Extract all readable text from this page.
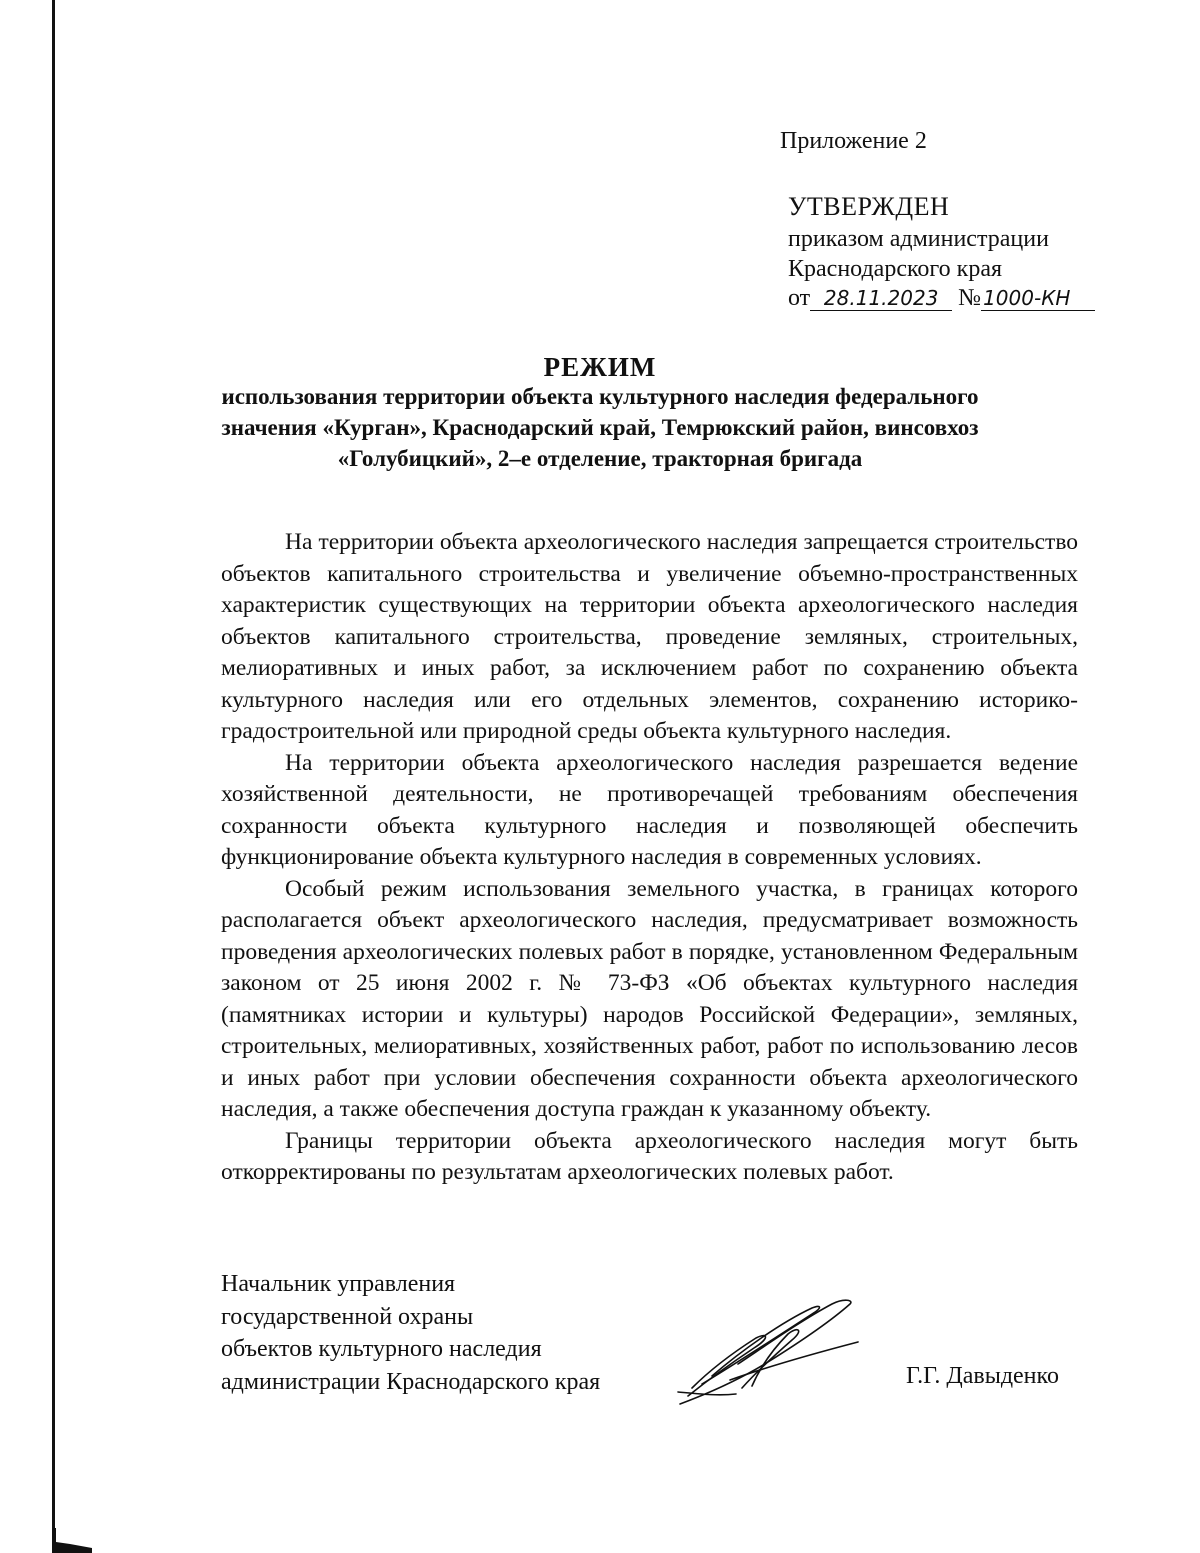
Приложение 2
УТВЕРЖДЕН
приказом администрации
Краснодарского края
от 28.11.2023 № 1000-КН
РЕЖИМ

использования территории объекта культурного наследия федерального значения «Курган», Краснодарский край, Темрюкский район, винсовхоз «Голубицкий», 2–е отделение, тракторная бригада

На территории объекта археологического наследия запрещается строительство объектов капитального строительства и увеличение объемно-пространственных характеристик существующих на территории объекта археологического наследия объектов капитального строительства, проведение земляных, строительных, мелиоративных и иных работ, за исключением работ по сохранению объекта культурного наследия или его отдельных элементов, сохранению историко-градостроительной или природной среды объекта культурного наследия.

На территории объекта археологического наследия разрешается ведение хозяйственной деятельности, не противоречащей требованиям обеспечения сохранности объекта культурного наследия и позволяющей обеспечить функционирование объекта культурного наследия в современных условиях.

Особый режим использования земельного участка, в границах которого располагается объект археологического наследия, предусматривает возможность проведения археологических полевых работ в порядке, установленном Федеральным законом от 25 июня 2002 г. № 73-ФЗ «Об объектах культурного наследия (памятниках истории и культуры) народов Российской Федерации», земляных, строительных, мелиоративных, хозяйственных работ, работ по использованию лесов и иных работ при условии обеспечения сохранности объекта археологического наследия, а также обеспечения доступа граждан к указанному объекту.

Границы территории объекта археологического наследия могут быть откорректированы по результатам археологических полевых работ.

Начальник управления
государственной охраны
объектов культурного наследия
администрации Краснодарского края	Г.Г. Давыденко
